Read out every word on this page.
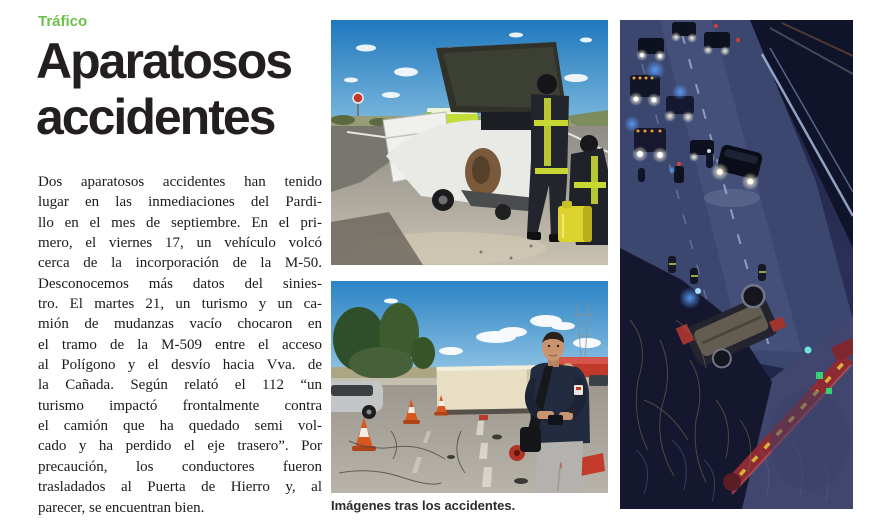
Tráfico
Aparatosos
accidentes
Dos aparatosos accidentes han tenido
lugar en las inmediaciones del Pardi-
llo en el mes de septiembre. En el pri-
mero, el viernes 17, un vehículo volcó
cerca de la incorporación de la M-50.
Desconocemos más datos del sinies-
tro. El martes 21, un turismo y un ca-
mión de mudanzas vacío chocaron en
el tramo de la M-509 entre el acceso
al Polígono y el desvío hacia Vva. de
la Cañada. Según relató el 112 “un
turismo impactó frontalmente contra
el camión que ha quedado semi vol-
cado y ha perdido el eje trasero”. Por
precaución, los conductores fueron
trasladados al Puerta de Hierro y, al
parecer, se encuentran bien.	Imágenes tras los accidentes.
